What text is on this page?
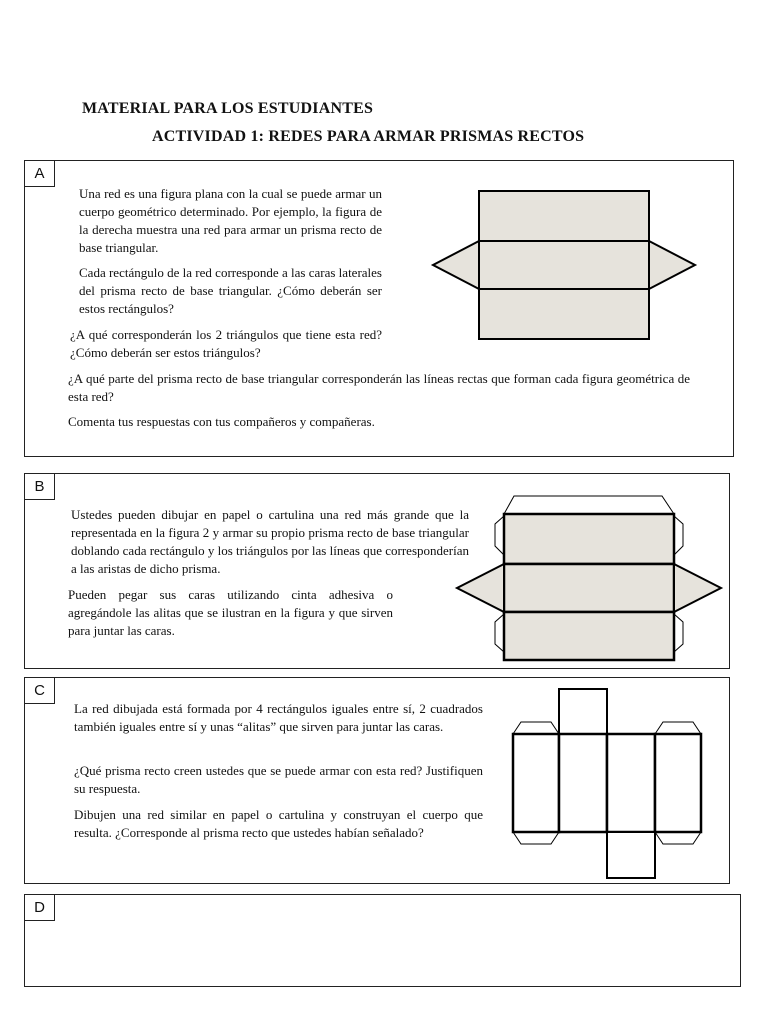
MATERIAL PARA LOS ESTUDIANTES
ACTIVIDAD 1: REDES PARA ARMAR PRISMAS RECTOS
A

Una red es una figura plana con la cual se puede armar un cuerpo geométrico determinado. Por ejemplo, la figura de la derecha muestra una red para armar un prisma recto de base triangular.

Cada rectángulo de la red corresponde a las caras laterales del prisma recto de base triangular. ¿Cómo deberán ser estos rectángulos?

¿A qué corresponderán los 2 triángulos que tiene esta red? ¿Cómo deberán ser estos triángulos?

¿A qué parte del prisma recto de base triangular corresponderán las líneas rectas que forman cada figura geométrica de esta red?

Comenta tus respuestas con tus compañeros y compañeras.

B

Ustedes pueden dibujar en papel o cartulina una red más grande que la representada en la figura 2 y armar su propio prisma recto de base triangular doblando cada rectángulo y los triángulos por las líneas que corresponderían a las aristas de dicho prisma.

Pueden pegar sus caras utilizando cinta adhesiva o agregándole las alitas que se ilustran en la figura y que sirven para juntar las caras.

C

La red dibujada está formada por 4 rectángulos iguales entre sí, 2 cuadrados también iguales entre sí y unas “alitas” que sirven para juntar las caras.

¿Qué prisma recto creen ustedes que se puede armar con esta red? Justifiquen su respuesta.

Dibujen una red similar en papel o cartulina y construyan el cuerpo que resulta. ¿Corresponde al prisma recto que ustedes habían señalado?

D
